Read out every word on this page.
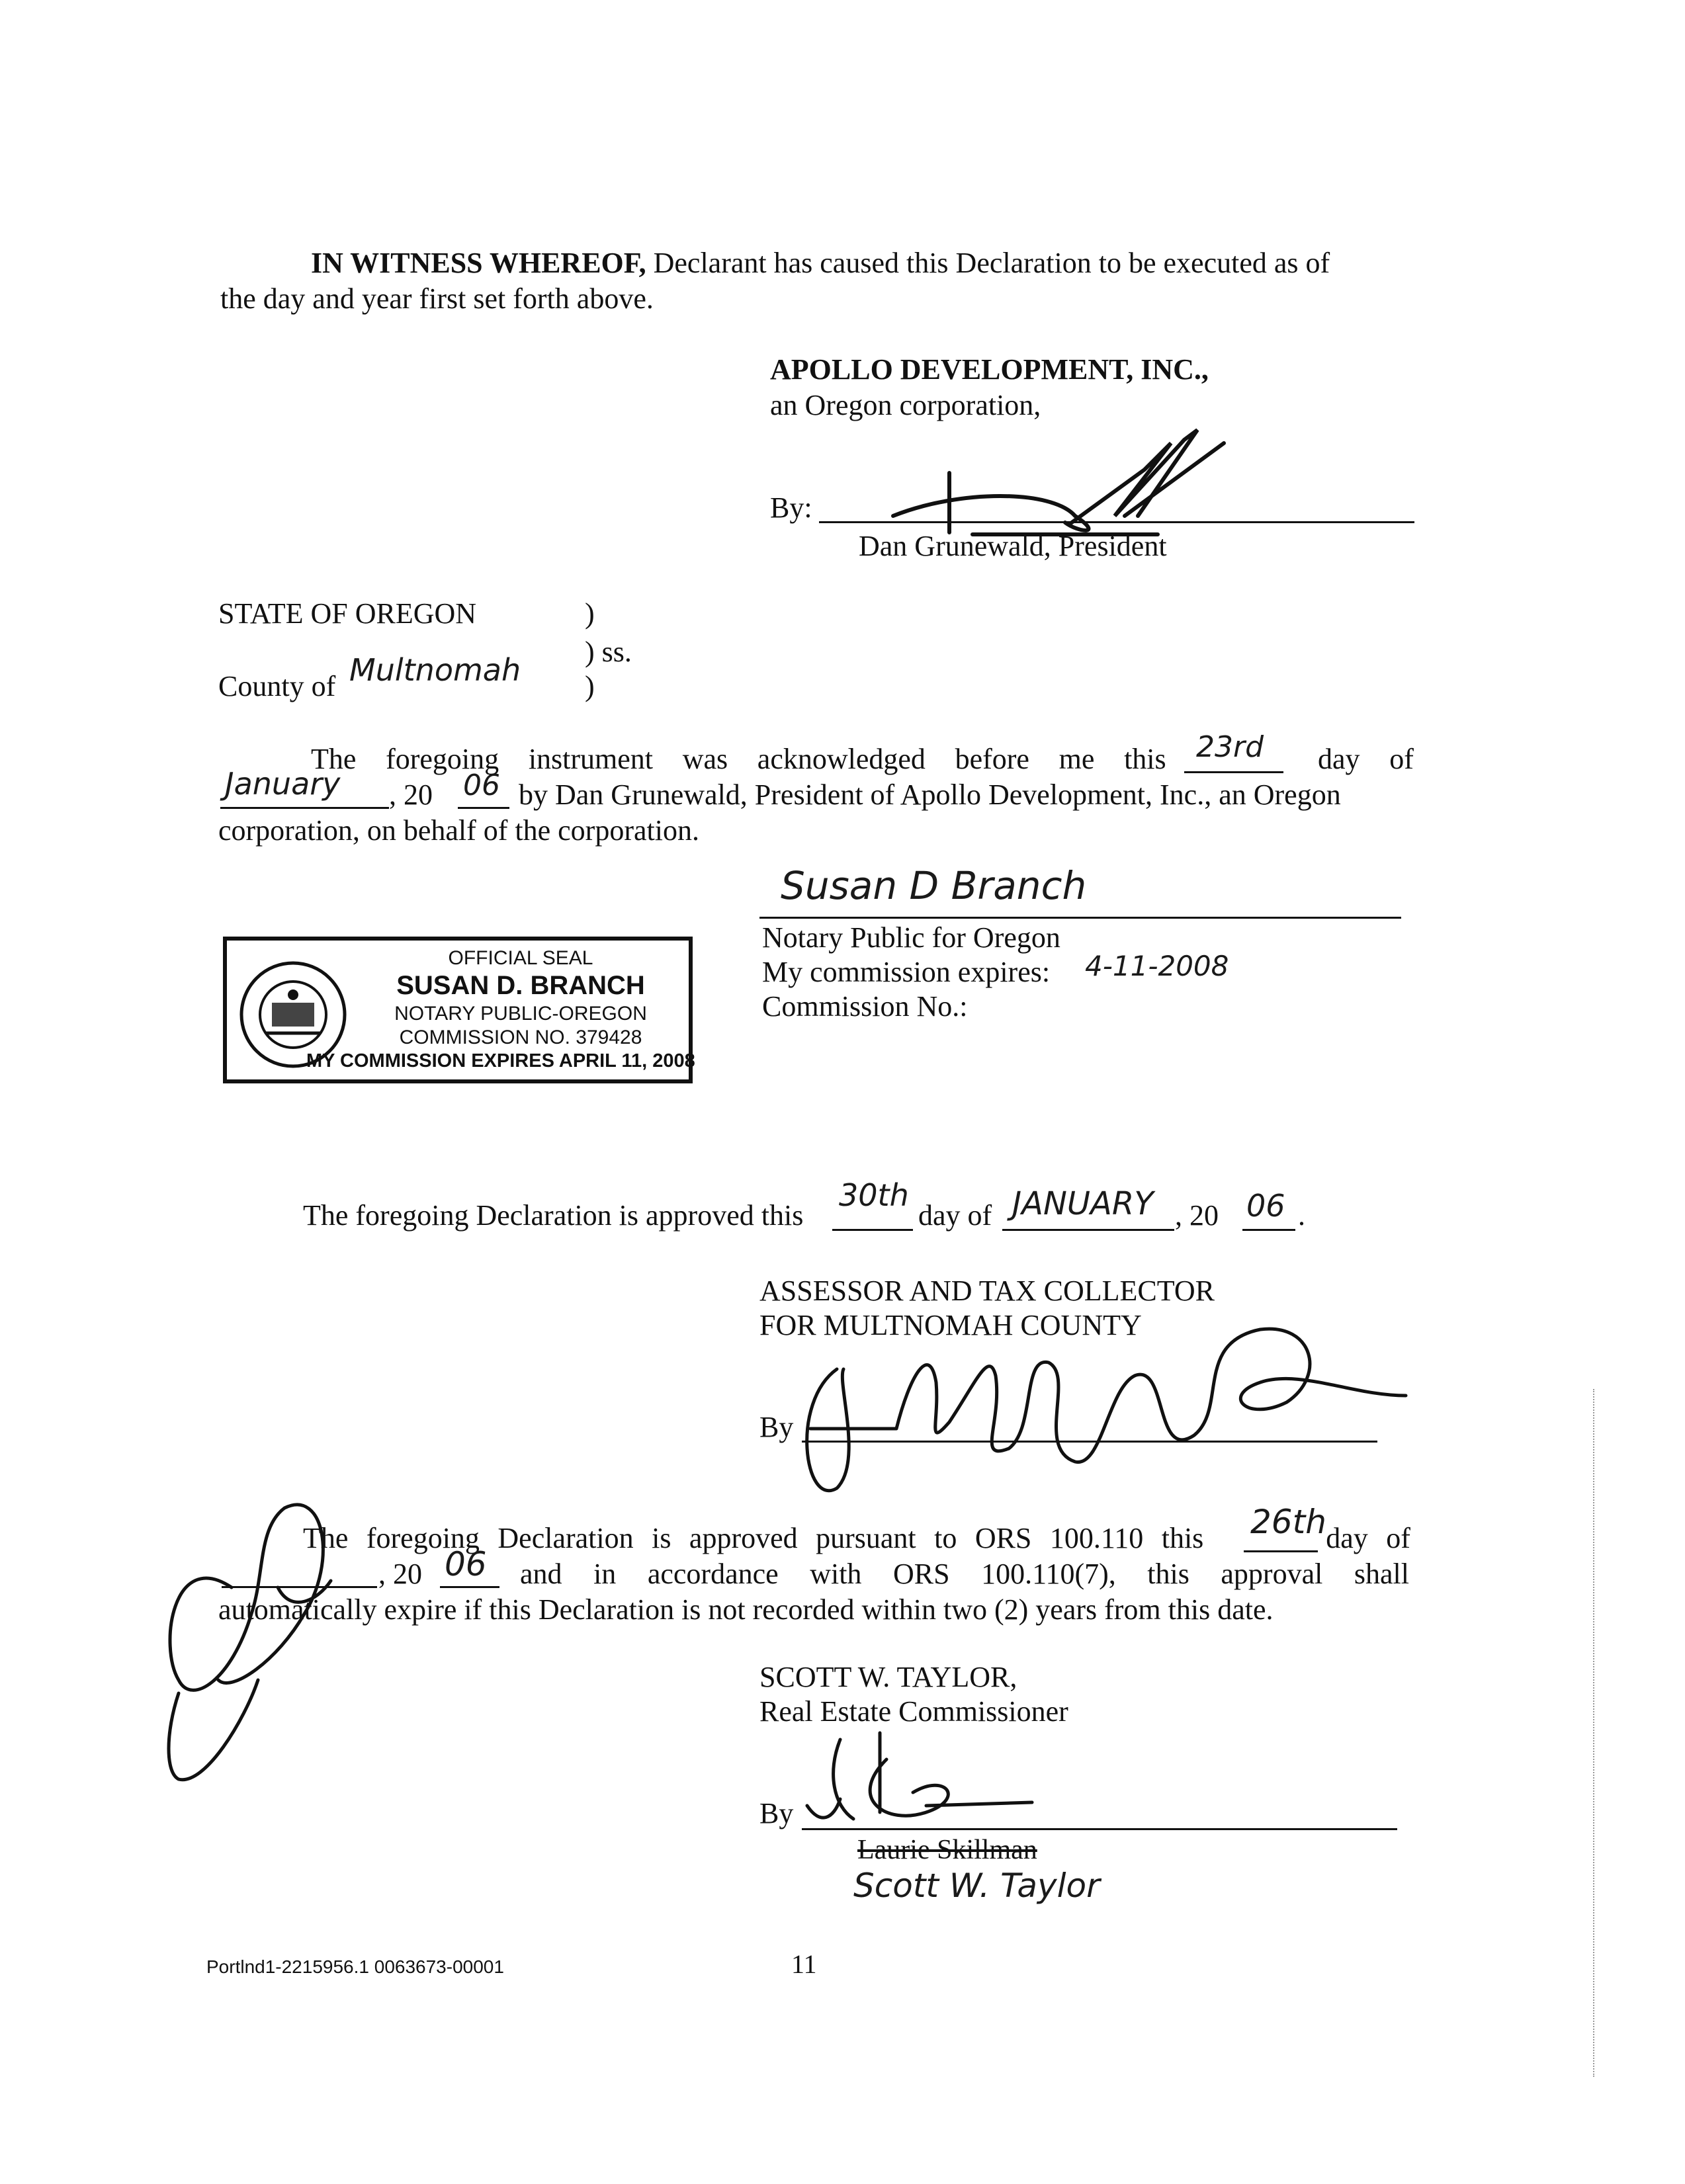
IN WITNESS WHEREOF, Declarant has caused this Declaration to be executed as of
the day and year first set forth above.
APOLLO DEVELOPMENT, INC.,
an Oregon corporation,
By:
Dan Grunewald, President
STATE OF OREGON	)
) ss.
County of Multnomah )
The foregoing instrument was acknowledged before me this	day of
23rd
January , 20 06 by Dan Grunewald, President of Apollo Development, Inc., an Oregon
corporation, on behalf of the corporation.
Susan D Branch
Notary Public for Oregon
My commission expires: 4-11-2008
Commission No.:
OFFICIAL SEAL
SUSAN D. BRANCH
NOTARY PUBLIC-OREGON
COMMISSION NO. 379428
MY COMMISSION EXPIRES APRIL 11, 2008
The foregoing Declaration is approved this
30th
day of JANUARY , 20 06 .
ASSESSOR AND TAX COLLECTOR
FOR MULTNOMAH COUNTY
By
The foregoing Declaration is approved pursuant to ORS 100.110 this	day of
26th
, 20 06 and in accordance with ORS 100.110(7), this approval shall
automatically expire if this Declaration is not recorded within two (2) years from this date.
SCOTT W. TAYLOR,
Real Estate Commissioner
By
Laurie Skillman
Scott W. Taylor
Portlnd1-2215956.1 0063673-00001	11
